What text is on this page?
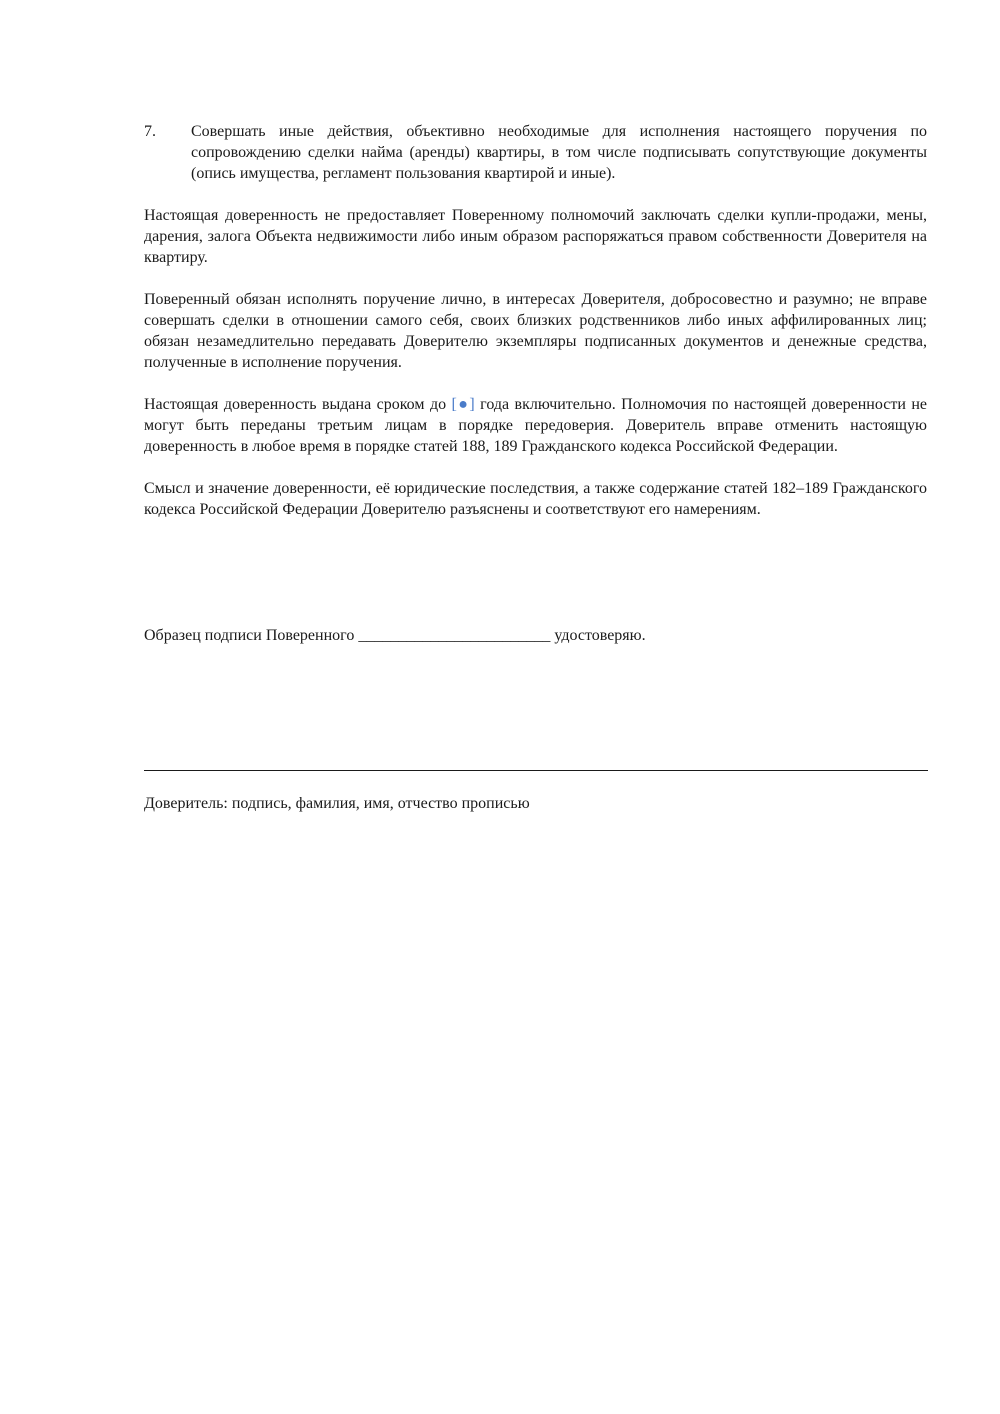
7.	Совершать иные действия, объективно необходимые для исполнения настоящего поручения по сопровождению сделки найма (аренды) квартиры, в том числе подписывать сопутствующие документы (опись имущества, регламент пользования квартирой и иные).

Настоящая доверенность не предоставляет Поверенному полномочий заключать сделки купли-продажи, мены, дарения, залога Объекта недвижимости либо иным образом распоряжаться правом собственности Доверителя на квартиру.

Поверенный обязан исполнять поручение лично, в интересах Доверителя, добросовестно и разумно; не вправе совершать сделки в отношении самого себя, своих близких родственников либо иных аффилированных лиц; обязан незамедлительно передавать Доверителю экземпляры подписанных документов и денежные средства, полученные в исполнение поручения.

Настоящая доверенность выдана сроком до [●] года включительно. Полномочия по настоящей доверенности не могут быть переданы третьим лицам в порядке передоверия. Доверитель вправе отменить настоящую доверенность в любое время в порядке статей 188, 189 Гражданского кодекса Российской Федерации.

Смысл и значение доверенности, её юридические последствия, а также содержание статей 182–189 Гражданского кодекса Российской Федерации Доверителю разъяснены и соответствуют его намерениям.

Образец подписи Поверенного ________________________ удостоверяю.
Доверитель: подпись, фамилия, имя, отчество прописью
